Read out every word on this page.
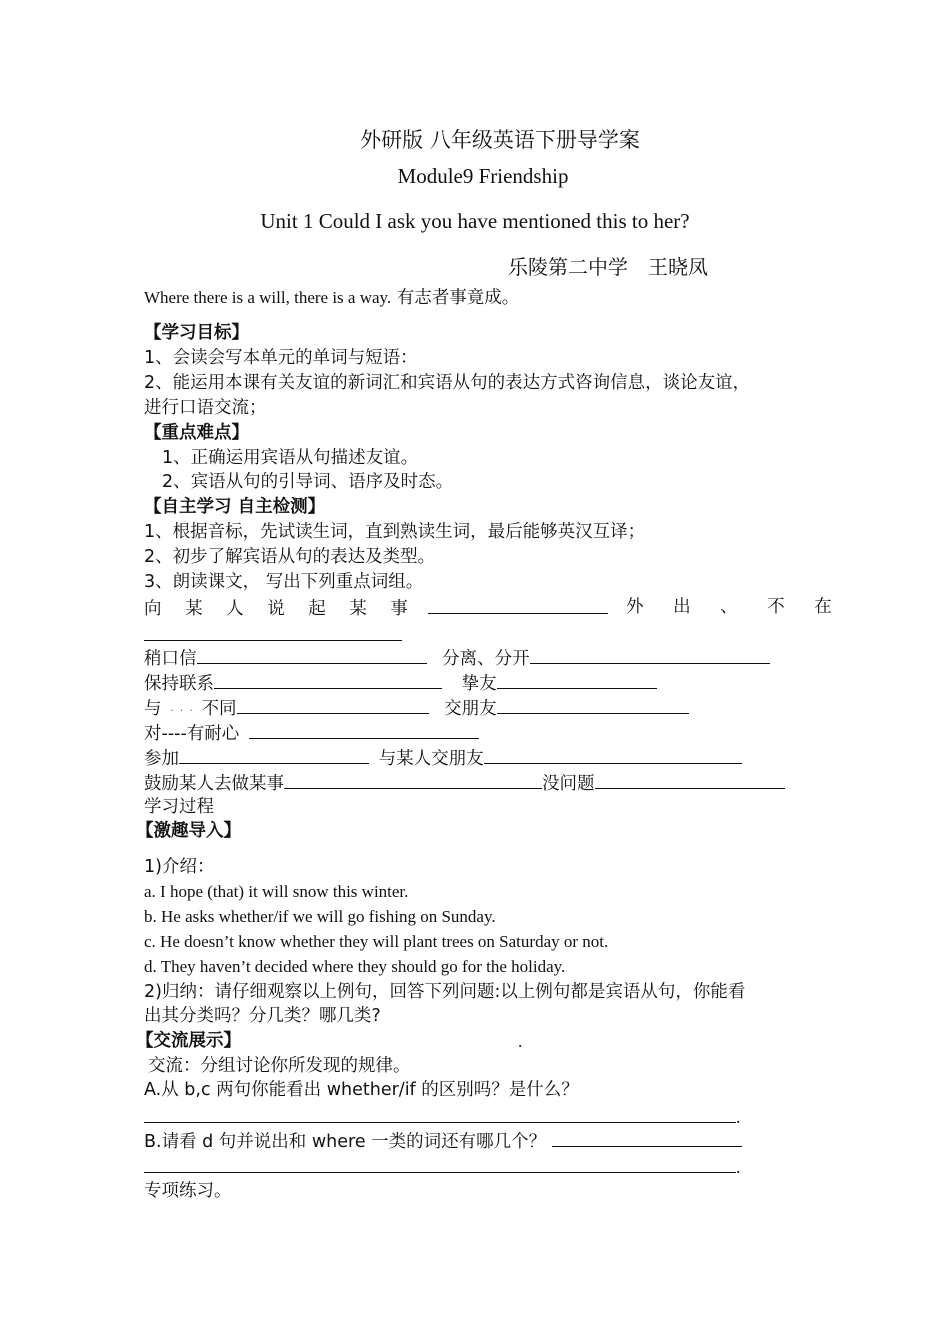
外研版 八年级英语下册导学案
Module9 Friendship
Unit 1 Could I ask you have mentioned this to her?
乐陵第二中学　王晓凤
Where there is a will, there is a way. 有志者事竟成。
【学习目标】
1、会读会写本单元的单词与短语：
2、能运用本课有关友谊的新词汇和宾语从句的表达方式咨询信息，谈论友谊，
进行口语交流；
【重点难点】
1、正确运用宾语从句描述友谊。
2、宾语从句的引导词、语序及时态。
【自主学习 自主检测】
1、根据音标，先试读生词，直到熟读生词，最后能够英汉互译；
2、初步了解宾语从句的表达及类型。
3、朗读课文， 写出下列重点词组。
向 某 人 说 起 某 事	外 出 、 不 在
稍口信	分离、分开
保持联系	挚友
与 ·  ·  · 不同	交朋友
对----有耐心
参加	与某人交朋友
鼓励某人去做某事	没问题
学习过程
【激趣导入】
1)介绍：
a. I hope (that) it will snow this winter.
b. He asks whether/if we will go fishing on Sunday.
c. He doesn’t know whether they will plant trees on Saturday or not.
d. They haven’t decided where they should go for the holiday.
2)归纳：请仔细观察以上例句，回答下列问题:以上例句都是宾语从句，你能看
出其分类吗？分几类？哪几类?
【交流展示】	.
交流：分组讨论你所发现的规律。
A.从 b,c 两句你能看出 whether/if 的区别吗？是什么？
.
B.请看 d 句并说出和 where 一类的词还有哪几个？
.
专项练习。
